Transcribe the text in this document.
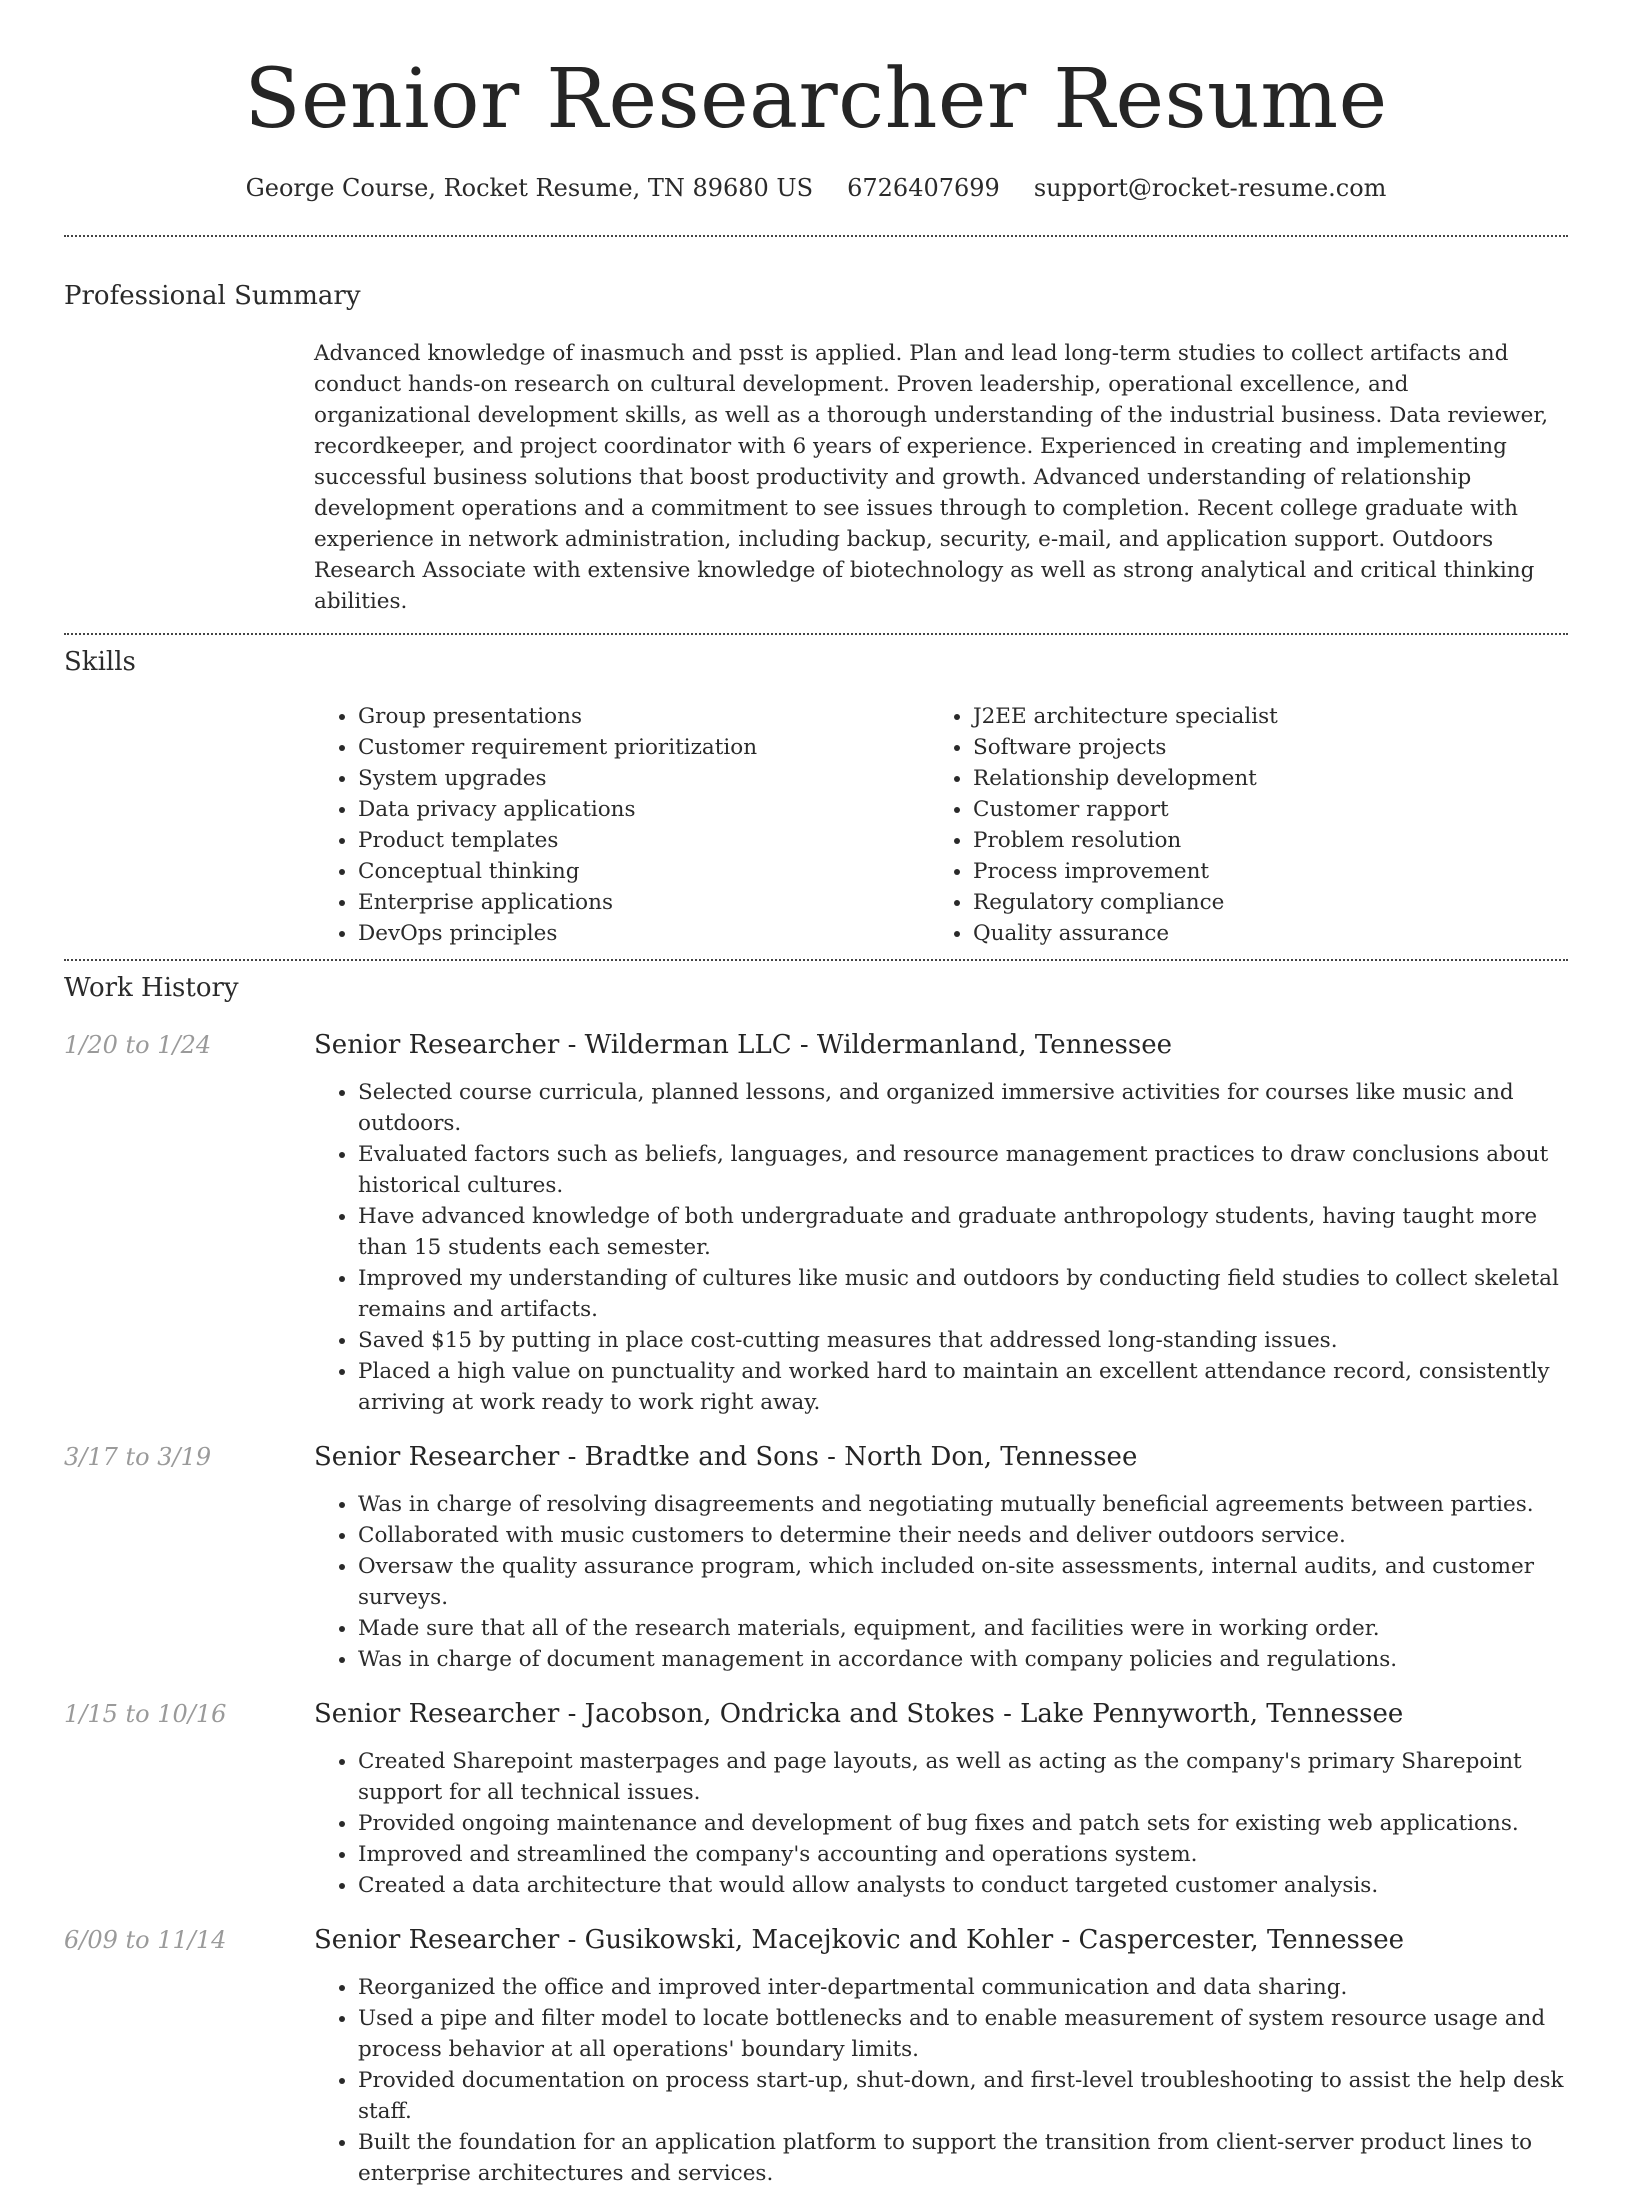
Senior Researcher Resume
George Course, Rocket Resume, TN 89680 US 6726407699 support@rocket-resume.com
Professional Summary

Advanced knowledge of inasmuch and psst is applied. Plan and lead long-term studies to collect artifacts and conduct hands-on research on cultural development. Proven leadership, operational excellence, and organizational development skills, as well as a thorough understanding of the industrial business. Data reviewer, recordkeeper, and project coordinator with 6 years of experience. Experienced in creating and implementing successful business solutions that boost productivity and growth. Advanced understanding of relationship development operations and a commitment to see issues through to completion. Recent college graduate with experience in network administration, including backup, security, e-mail, and application support. Outdoors Research Associate with extensive knowledge of biotechnology as well as strong analytical and critical thinking abilities.

Skills
• Group presentations
• Customer requirement prioritization
• System upgrades
• Data privacy applications
• Product templates
• Conceptual thinking
• Enterprise applications
• DevOps principles
• J2EE architecture specialist
• Software projects
• Relationship development
• Customer rapport
• Problem resolution
• Process improvement
• Regulatory compliance
• Quality assurance
Work History
1/20 to 1/24	Senior Researcher - Wilderman LLC - Wildermanland, Tennessee
• Selected course curricula, planned lessons, and organized immersive activities for courses like music and outdoors.
• Evaluated factors such as beliefs, languages, and resource management practices to draw conclusions about historical cultures.
• Have advanced knowledge of both undergraduate and graduate anthropology students, having taught more than 15 students each semester.
• Improved my understanding of cultures like music and outdoors by conducting field studies to collect skeletal remains and artifacts.
• Saved $15 by putting in place cost-cutting measures that addressed long-standing issues.
• Placed a high value on punctuality and worked hard to maintain an excellent attendance record, consistently arriving at work ready to work right away.
3/17 to 3/19	Senior Researcher - Bradtke and Sons - North Don, Tennessee
• Was in charge of resolving disagreements and negotiating mutually beneficial agreements between parties.
• Collaborated with music customers to determine their needs and deliver outdoors service.
• Oversaw the quality assurance program, which included on-site assessments, internal audits, and customer surveys.
• Made sure that all of the research materials, equipment, and facilities were in working order.
• Was in charge of document management in accordance with company policies and regulations.
1/15 to 10/16	Senior Researcher - Jacobson, Ondricka and Stokes - Lake Pennyworth, Tennessee
• Created Sharepoint masterpages and page layouts, as well as acting as the company's primary Sharepoint support for all technical issues.
• Provided ongoing maintenance and development of bug fixes and patch sets for existing web applications.
• Improved and streamlined the company's accounting and operations system.
• Created a data architecture that would allow analysts to conduct targeted customer analysis.
6/09 to 11/14	Senior Researcher - Gusikowski, Macejkovic and Kohler - Caspercester, Tennessee
• Reorganized the office and improved inter-departmental communication and data sharing.
• Used a pipe and filter model to locate bottlenecks and to enable measurement of system resource usage and process behavior at all operations' boundary limits.
• Provided documentation on process start-up, shut-down, and first-level troubleshooting to assist the help desk staff.
• Built the foundation for an application platform to support the transition from client-server product lines to enterprise architectures and services.
